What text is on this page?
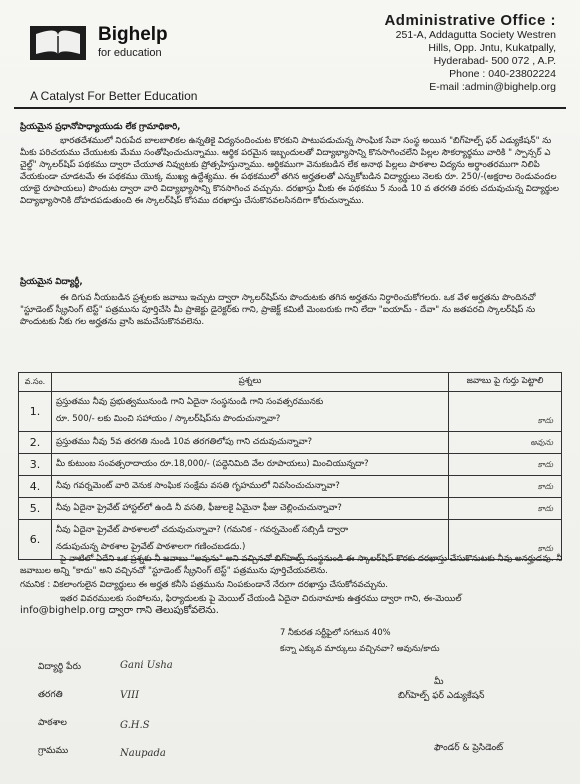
Bighelp
for education
A Catalyst For Better Education
Administrative Office :
251-A, Addagutta Society Westren
Hills, Opp. Jntu, Kukatpally,
Hyderabad- 500 072 , A.P.
Phone : 040-23802224
E-mail :admin@bighelp.org
ప్రియమైన ప్రధానోపాధ్యాయుడు లేక గ్రామాధికారి,
భారతదేశములో నిరుపేద బాలబాలికల ఉన్నతికై విద్యనందించుట కొరకుని పాటుపడుచున్న సాంఘిక సేవా సంస్థ అయిన "బిగ్‌హెల్ప్ ఫర్ ఎడ్యుకేషన్" ను మీకు పరిచయము చేయుటకు మేము సంతోషించుచున్నాము. ఆర్థిక పరమైన ఇబ్బందులతో విద్యాభ్యాసాన్ని కొనసాగించలేని పిల్లల సౌకర్యార్థము వారికి " స్పాన్సర్ ఎ చైల్డ్" స్కాలర్‌షిప్ పథకము ద్వారా చేయూత నివ్వుటకు ప్రోత్సహిస్తున్నాము. ఆర్థికముగా వెనుకబడిన లేక అనాథ పిల్లలు పాఠశాల విద్యను అర్థాంతరముగా నిలిపి వేయకుండా చూడటమే ఈ పథకము యొక్క ముఖ్య ఉద్దేశ్యము. ఈ పథకములో తగిన అర్హతలతో ఎన్నుకోబడిన విద్యార్థులు నెలకు రూ. 250/-(అక్షరాల రెండువందల యాభై రూపాయలు) పొందుట ద్వారా వారి విద్యాభ్యాసాన్ని కొనసాగించ వచ్చును. దరఖాస్తు మీకు ఈ పథకము 5 నుండి 10 వ తరగతి వరకు చదువుచున్న విద్యార్థుల విద్యాభ్యాసానికి దోహదపడుతుంది ఈ స్కాలర్‌షిప్ కోసము దరఖాస్తు చేసుకొనవలసినదిగా కోరుచున్నాము.
ప్రియమైన విద్యార్థీ,
ఈ దిగువ నీయబడిన ప్రశ్నలకు జవాబు ఇచ్చుట ద్వారా స్కాలర్‌షిప్‌ను పొందుటకు తగిన అర్హతను నిర్ధారించుకోగలరు. ఒక వేళ అర్హతను పొందినచో "స్టూడెంట్ స్క్రీనింగ్ టెస్ట్" పత్రమును పూర్తిచేసి మీ ప్రాజెక్టు డైరెక్టర్‌కు గాని, ప్రాజెక్ట్ కమిటీ మెంబరుకు గాని లేదా "ఐయామ్ - దేవా" ను జతపరచి స్కాలర్‌షిప్ ను పొందుటకు నీకు గల అర్హతను వ్రాసి జమచేసుకొనవలెను.
వ.సం.	ప్రశ్నలు	జవాబు పై గుర్తు పెట్టాలి
1.	ప్రస్తుతము నీవు ప్రభుత్వమునుండి గాని ఏదైనా సంస్థనుండి గాని సంవత్సరమునకు
రూ. 500/- లకు మించి సహాయం / స్కాలర్‌షిప్‌ను పొందుచున్నావా?	కాదు

2.	ప్రస్తుతము నీవు 5వ తరగతి నుండి 10వ తరగతిలోపు గాని చదువుచున్నావా?	అవును

3.	మీ కుటుంబ సంవత్సరాదాయం రూ.18,000/- (పద్దెనిమిది వేల రూపాయలు) మించియున్నదా?	కాదు

4.	నీవు గవర్నమెంట్ వారి వెనుక సాంఘిక సంక్షేమ వసతి గృహములో నివసించుచున్నావా?	కాదు

5.	నీవు ఏదైనా ప్రైవేట్ హాస్టల్‌లో ఉండి నీ వసతి, ఫీజులకై ఏమైనా ఫీజు చెల్లించుచున్నావా?	కాదు

6.	నీవు ఏదైనా ప్రైవేట్ పాఠశాలలో చదువుచున్నావా? (గమనిక - గవర్నమెంట్ సబ్సిడీ ద్వారా
నడుపుచున్న పాఠశాల ప్రైవేట్ పాఠశాలగా గణించబడదు.)	కాదు
పై వాటిలో ఏదేని ఒక ప్రశ్నకు నీ జవాబు "అవును" అని వచ్చినచో బిగ్‌హెల్ప్ సంస్థనుండి ఈ స్కాలర్‌షిప్ కొరకు దరఖాస్తు చేసుకొనుటకు నీవు అనర్హుడవు. నీ జవాబుల అన్ని "కాదు" అని వచ్చినచో "స్టూడెంట్ స్క్రీనింగ్ టెస్ట్" పత్రమును పూర్తిచేయవలెను.
గమనిక : వికలాంగులైన విద్యార్థులు ఈ అర్హత కనీసి పత్రమును నింపకుండానే నేరుగా దరఖాస్తు చేసుకోనవచ్చును.
ఇతర వివరములకు సంపోలను, ఫిర్యాదులకు పై మెయిల్ చేయండి ఏదైనా చిరునామాకు ఉత్తరము ద్వారా గాని, ఈ-మెయిల్
info@bighelp.org ద్వారా గాని తెలుపుకోవలెను.
7 నీకురత సర్టీఫైలో సగటున 40%
కన్నా ఎక్కువ మార్కులు వచ్చినవా? అవును/కాదు
విద్యార్థి పేరు	Gani Usha
తరగతి	VIII
పాఠశాల	G.H.S
గ్రామము	Naupada
మీ
బిగ్‌హెల్ప్ ఫర్ ఎడ్యుకేషన్
ఫౌండర్ & ప్రెసిడెంట్
